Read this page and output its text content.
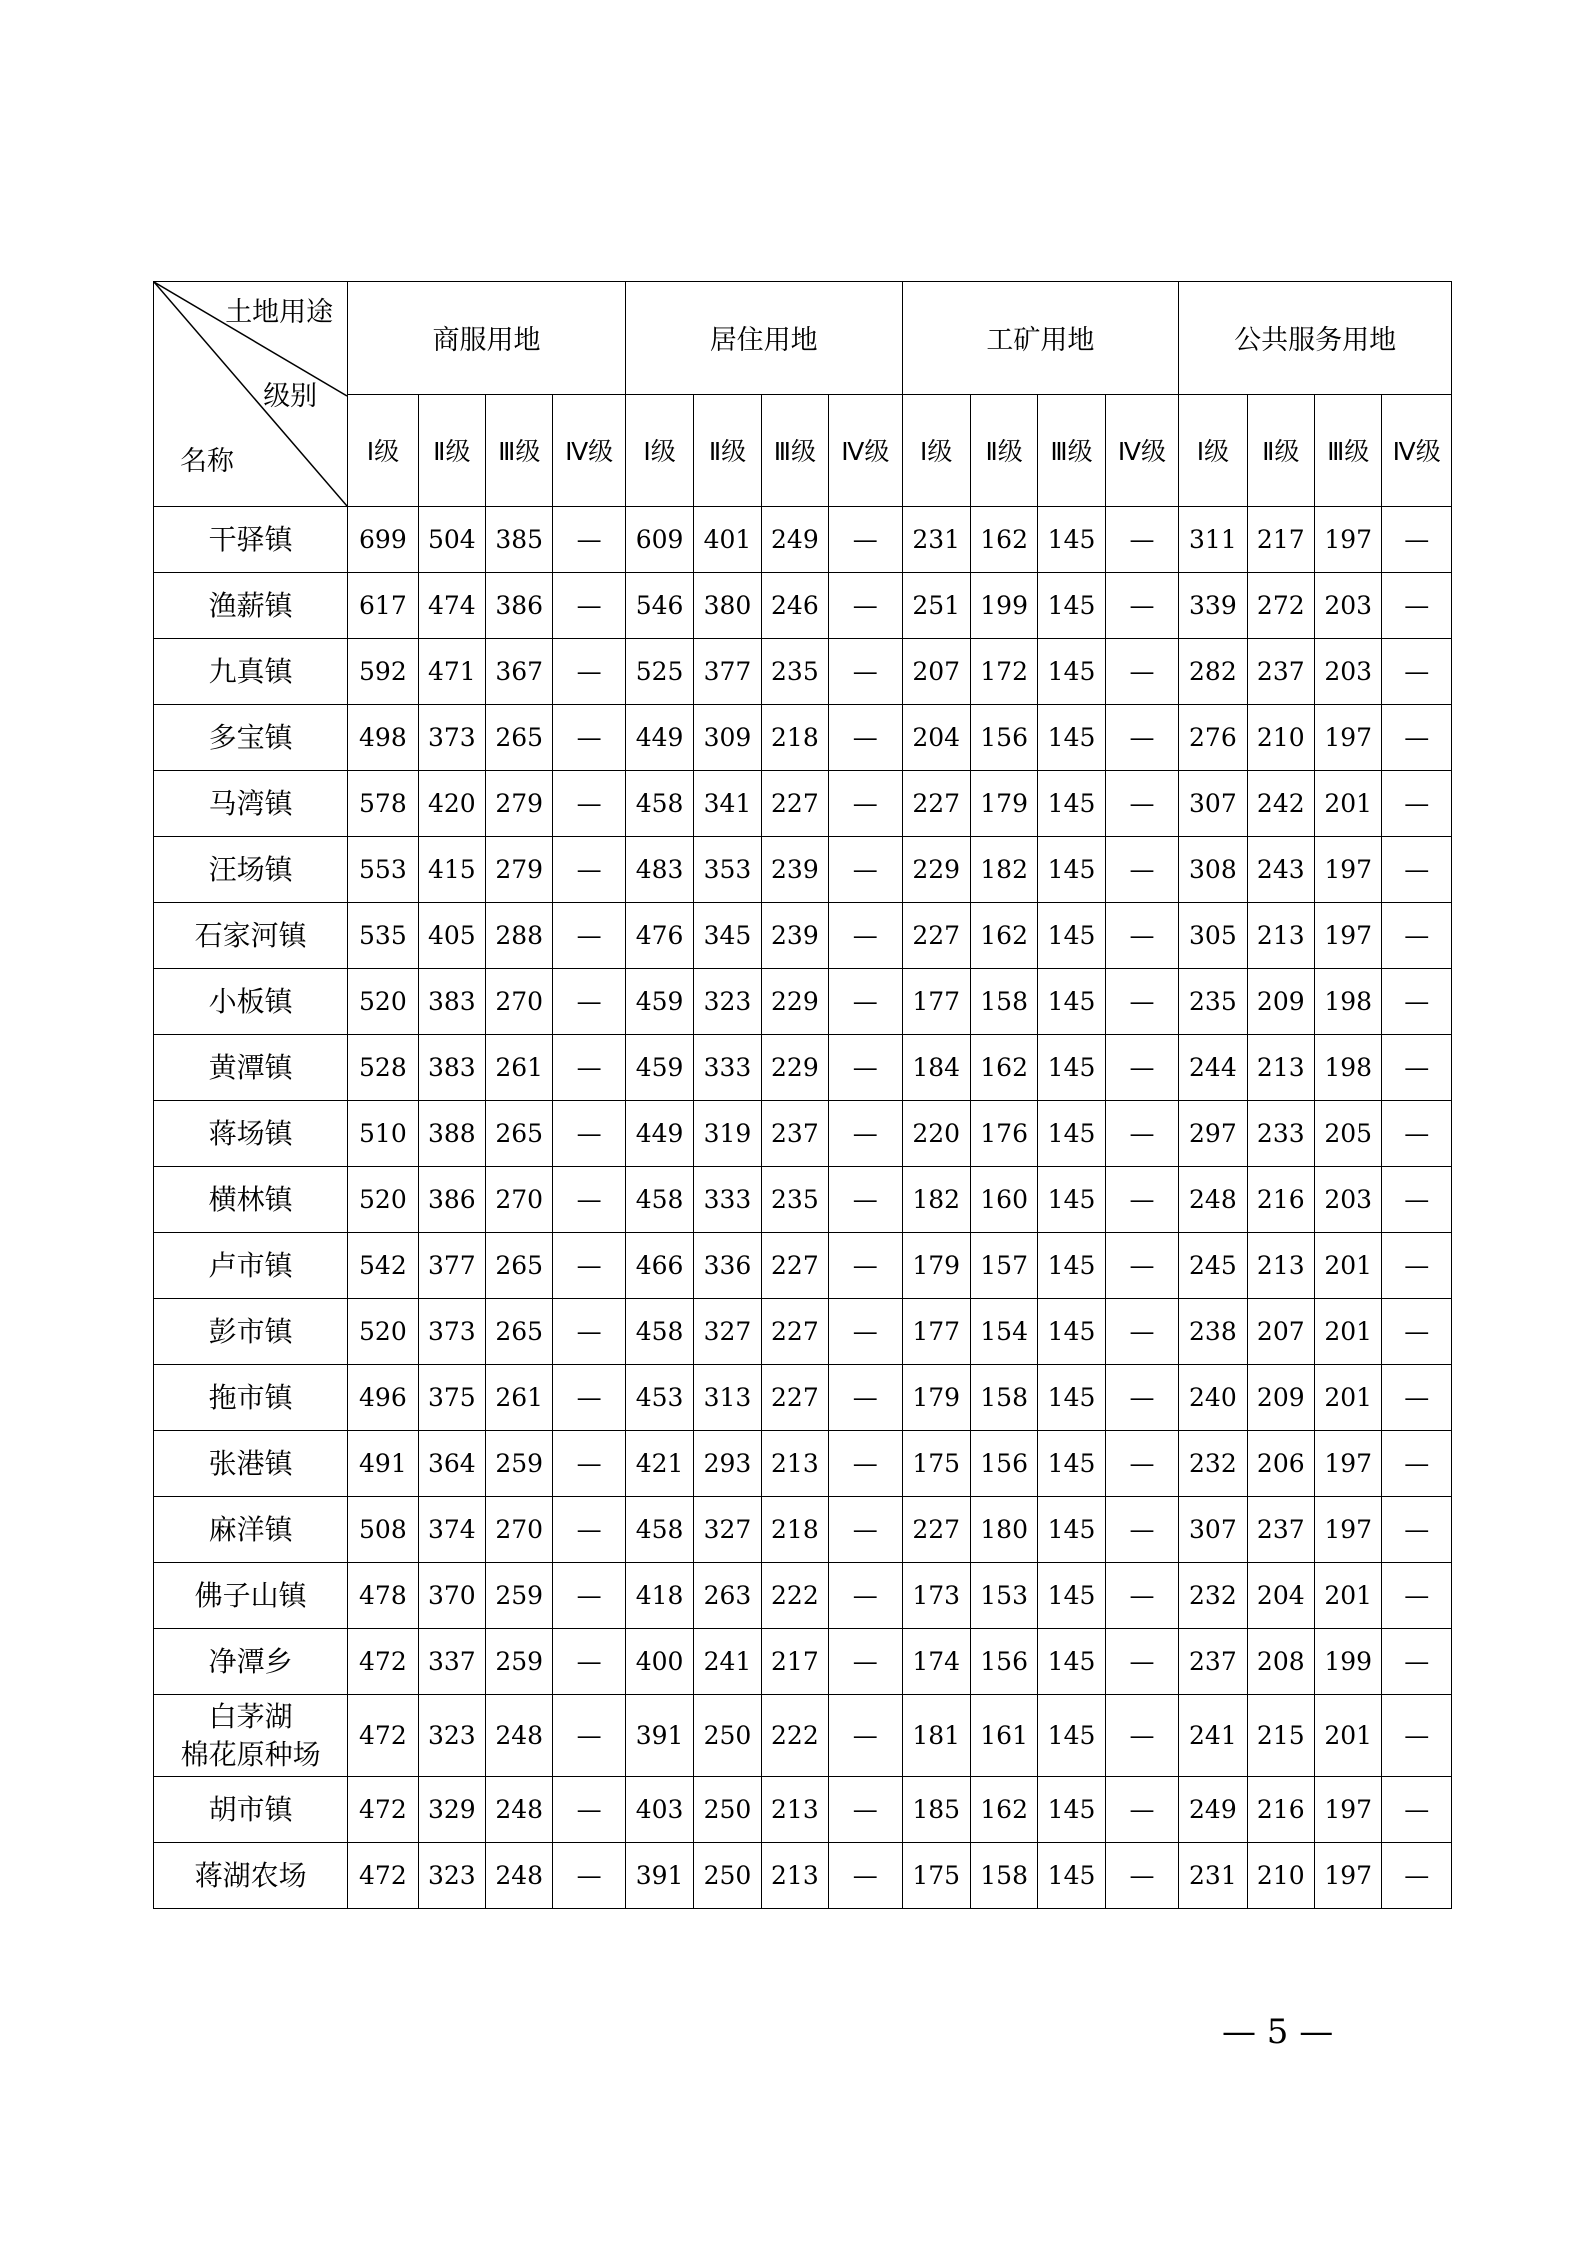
土地用途
级别
名称	商服用地				居住用地				工矿用地				公共服务用地			
	Ⅰ级	Ⅱ级	Ⅲ级	Ⅳ级	Ⅰ级	Ⅱ级	Ⅲ级	Ⅳ级	Ⅰ级	Ⅱ级	Ⅲ级	Ⅳ级	Ⅰ级	Ⅱ级	Ⅲ级	Ⅳ级
干驿镇	699	504	385	—	609	401	249	—	231	162	145	—	311	217	197	—
渔薪镇	617	474	386	—	546	380	246	—	251	199	145	—	339	272	203	—
九真镇	592	471	367	—	525	377	235	—	207	172	145	—	282	237	203	—
多宝镇	498	373	265	—	449	309	218	—	204	156	145	—	276	210	197	—
马湾镇	578	420	279	—	458	341	227	—	227	179	145	—	307	242	201	—
汪场镇	553	415	279	—	483	353	239	—	229	182	145	—	308	243	197	—
石家河镇	535	405	288	—	476	345	239	—	227	162	145	—	305	213	197	—
小板镇	520	383	270	—	459	323	229	—	177	158	145	—	235	209	198	—
黄潭镇	528	383	261	—	459	333	229	—	184	162	145	—	244	213	198	—
蒋场镇	510	388	265	—	449	319	237	—	220	176	145	—	297	233	205	—
横林镇	520	386	270	—	458	333	235	—	182	160	145	—	248	216	203	—
卢市镇	542	377	265	—	466	336	227	—	179	157	145	—	245	213	201	—
彭市镇	520	373	265	—	458	327	227	—	177	154	145	—	238	207	201	—
拖市镇	496	375	261	—	453	313	227	—	179	158	145	—	240	209	201	—
张港镇	491	364	259	—	421	293	213	—	175	156	145	—	232	206	197	—
麻洋镇	508	374	270	—	458	327	218	—	227	180	145	—	307	237	197	—
佛子山镇	478	370	259	—	418	263	222	—	173	153	145	—	232	204	201	—
净潭乡	472	337	259	—	400	241	217	—	174	156	145	—	237	208	199	—
白茅湖
棉花原种场	472	323	248	—	391	250	222	—	181	161	145	—	241	215	201	—
胡市镇	472	329	248	—	403	250	213	—	185	162	145	—	249	216	197	—
蒋湖农场	472	323	248	—	391	250	213	—	175	158	145	—	231	210	197	—
— 5 —
